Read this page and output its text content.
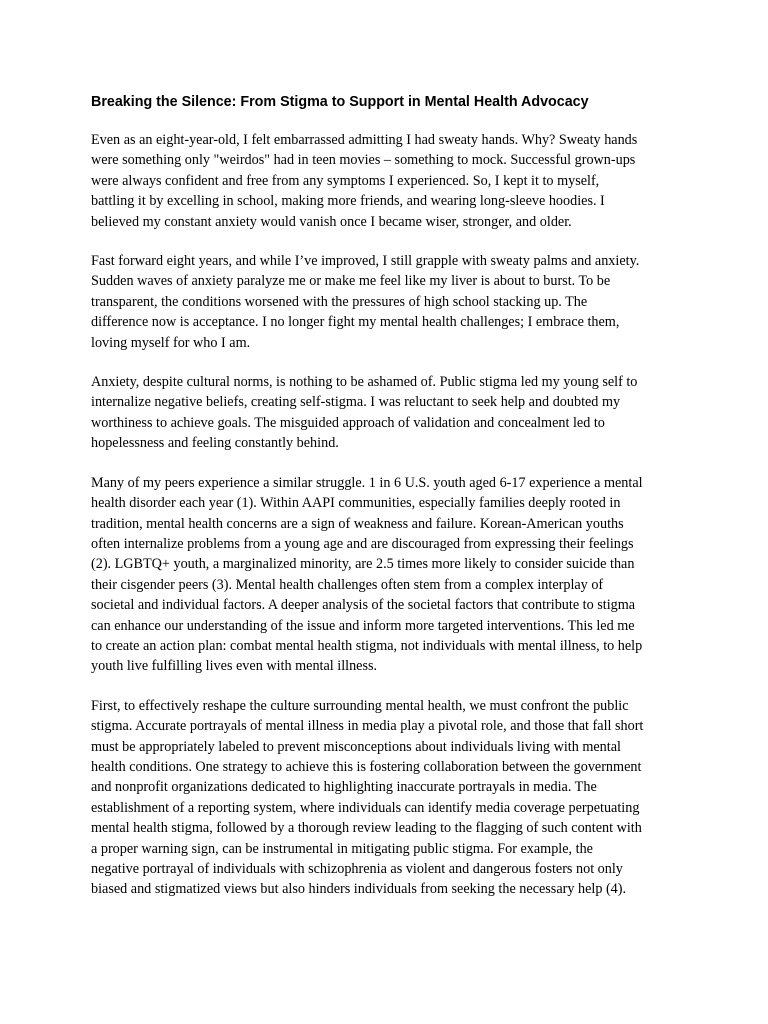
Breaking the Silence: From Stigma to Support in Mental Health Advocacy

Even as an eight-year-old, I felt embarrassed admitting I had sweaty hands. Why? Sweaty hands
were something only "weirdos" had in teen movies – something to mock. Successful grown-ups
were always confident and free from any symptoms I experienced. So, I kept it to myself,
battling it by excelling in school, making more friends, and wearing long-sleeve hoodies. I
believed my constant anxiety would vanish once I became wiser, stronger, and older.

Fast forward eight years, and while I’ve improved, I still grapple with sweaty palms and anxiety.
Sudden waves of anxiety paralyze me or make me feel like my liver is about to burst. To be
transparent, the conditions worsened with the pressures of high school stacking up. The
difference now is acceptance. I no longer fight my mental health challenges; I embrace them,
loving myself for who I am.

Anxiety, despite cultural norms, is nothing to be ashamed of. Public stigma led my young self to
internalize negative beliefs, creating self-stigma. I was reluctant to seek help and doubted my
worthiness to achieve goals. The misguided approach of validation and concealment led to
hopelessness and feeling constantly behind.

Many of my peers experience a similar struggle. 1 in 6 U.S. youth aged 6-17 experience a mental
health disorder each year (1). Within AAPI communities, especially families deeply rooted in
tradition, mental health concerns are a sign of weakness and failure. Korean-American youths
often internalize problems from a young age and are discouraged from expressing their feelings
(2). LGBTQ+ youth, a marginalized minority, are 2.5 times more likely to consider suicide than
their cisgender peers (3). Mental health challenges often stem from a complex interplay of
societal and individual factors. A deeper analysis of the societal factors that contribute to stigma
can enhance our understanding of the issue and inform more targeted interventions. This led me
to create an action plan: combat mental health stigma, not individuals with mental illness, to help
youth live fulfilling lives even with mental illness.

First, to effectively reshape the culture surrounding mental health, we must confront the public
stigma. Accurate portrayals of mental illness in media play a pivotal role, and those that fall short
must be appropriately labeled to prevent misconceptions about individuals living with mental
health conditions. One strategy to achieve this is fostering collaboration between the government
and nonprofit organizations dedicated to highlighting inaccurate portrayals in media. The
establishment of a reporting system, where individuals can identify media coverage perpetuating
mental health stigma, followed by a thorough review leading to the flagging of such content with
a proper warning sign, can be instrumental in mitigating public stigma. For example, the
negative portrayal of individuals with schizophrenia as violent and dangerous fosters not only
biased and stigmatized views but also hinders individuals from seeking the necessary help (4).
